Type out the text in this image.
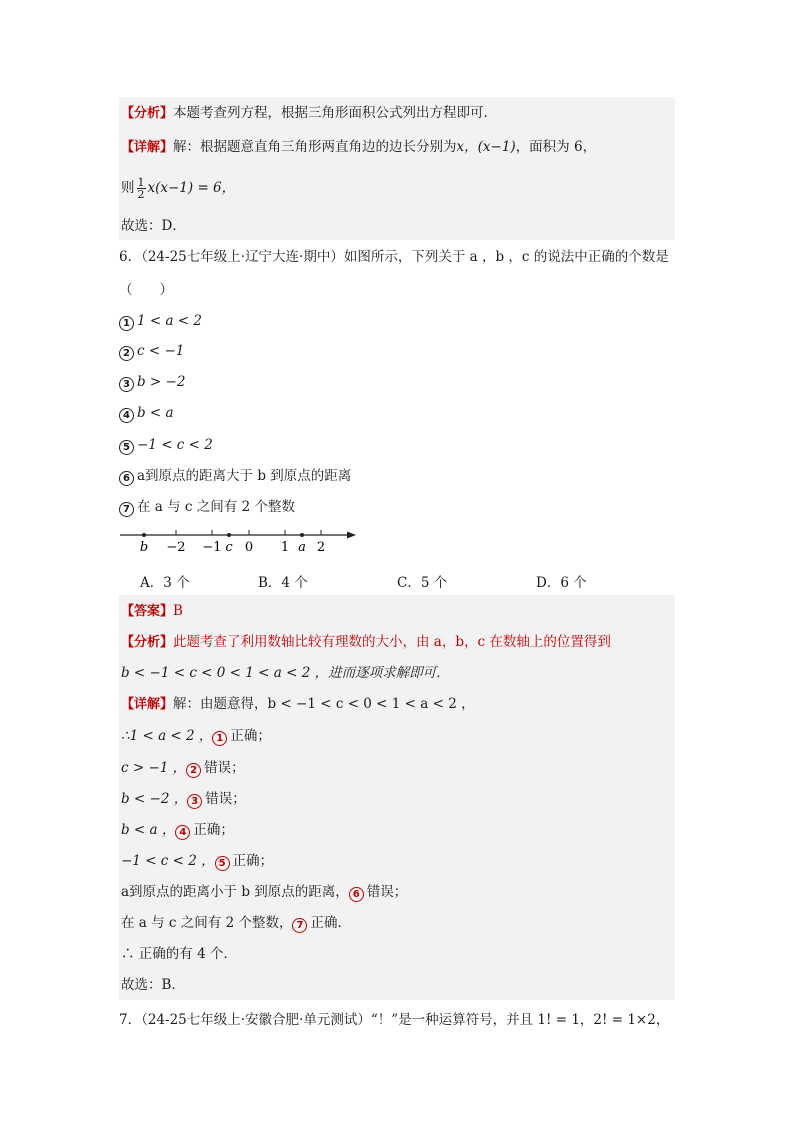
【分析】本题考查列方程，根据三角形面积公式列出方程即可．
【详解】解：根据题意直角三角形两直角边的边长分别为x，(x−1)，面积为 6，
则 $\frac{1}{2} x(x-1) = 6$，
故选：D．
6．（24-25七年级上·辽宁大连·期中）如图所示，下列关于 a ，b ，c 的说法中正确的个数是
（　　）
1 1 < a < 2
2 c < −1
3 b > −2
4 b < a
5 −1 < c < 2
6 a到原点的距离大于 b 到原点的距离
7 在 a 与 c 之间有 2 个整数
b −2 −1 c 0 1 a 2
A．3 个	B．4 个	C．5 个	D．6 个
【答案】B
【分析】此题考查了利用数轴比较有理数的大小，由 a，b，c 在数轴上的位置得到
b < −1 < c < 0 < 1 < a < 2 ，进而逐项求解即可．
【详解】解：由题意得，b < −1 < c < 0 < 1 < a < 2 ，
∴1 < a < 2 ， 1 正确；
c > −1 ， 2 错误；
b < −2 ， 3 错误；
b < a ， 4 正确；
−1 < c < 2 ， 5 正确；
a到原点的距离小于 b 到原点的距离， 6 错误；
在 a 与 c 之间有 2 个整数， 7 正确．
∴ 正确的有 4 个．
故选：B．
7．（24-25七年级上·安徽合肥·单元测试）“！”是一种运算符号，并且 1! = 1，2! = 1×2，
